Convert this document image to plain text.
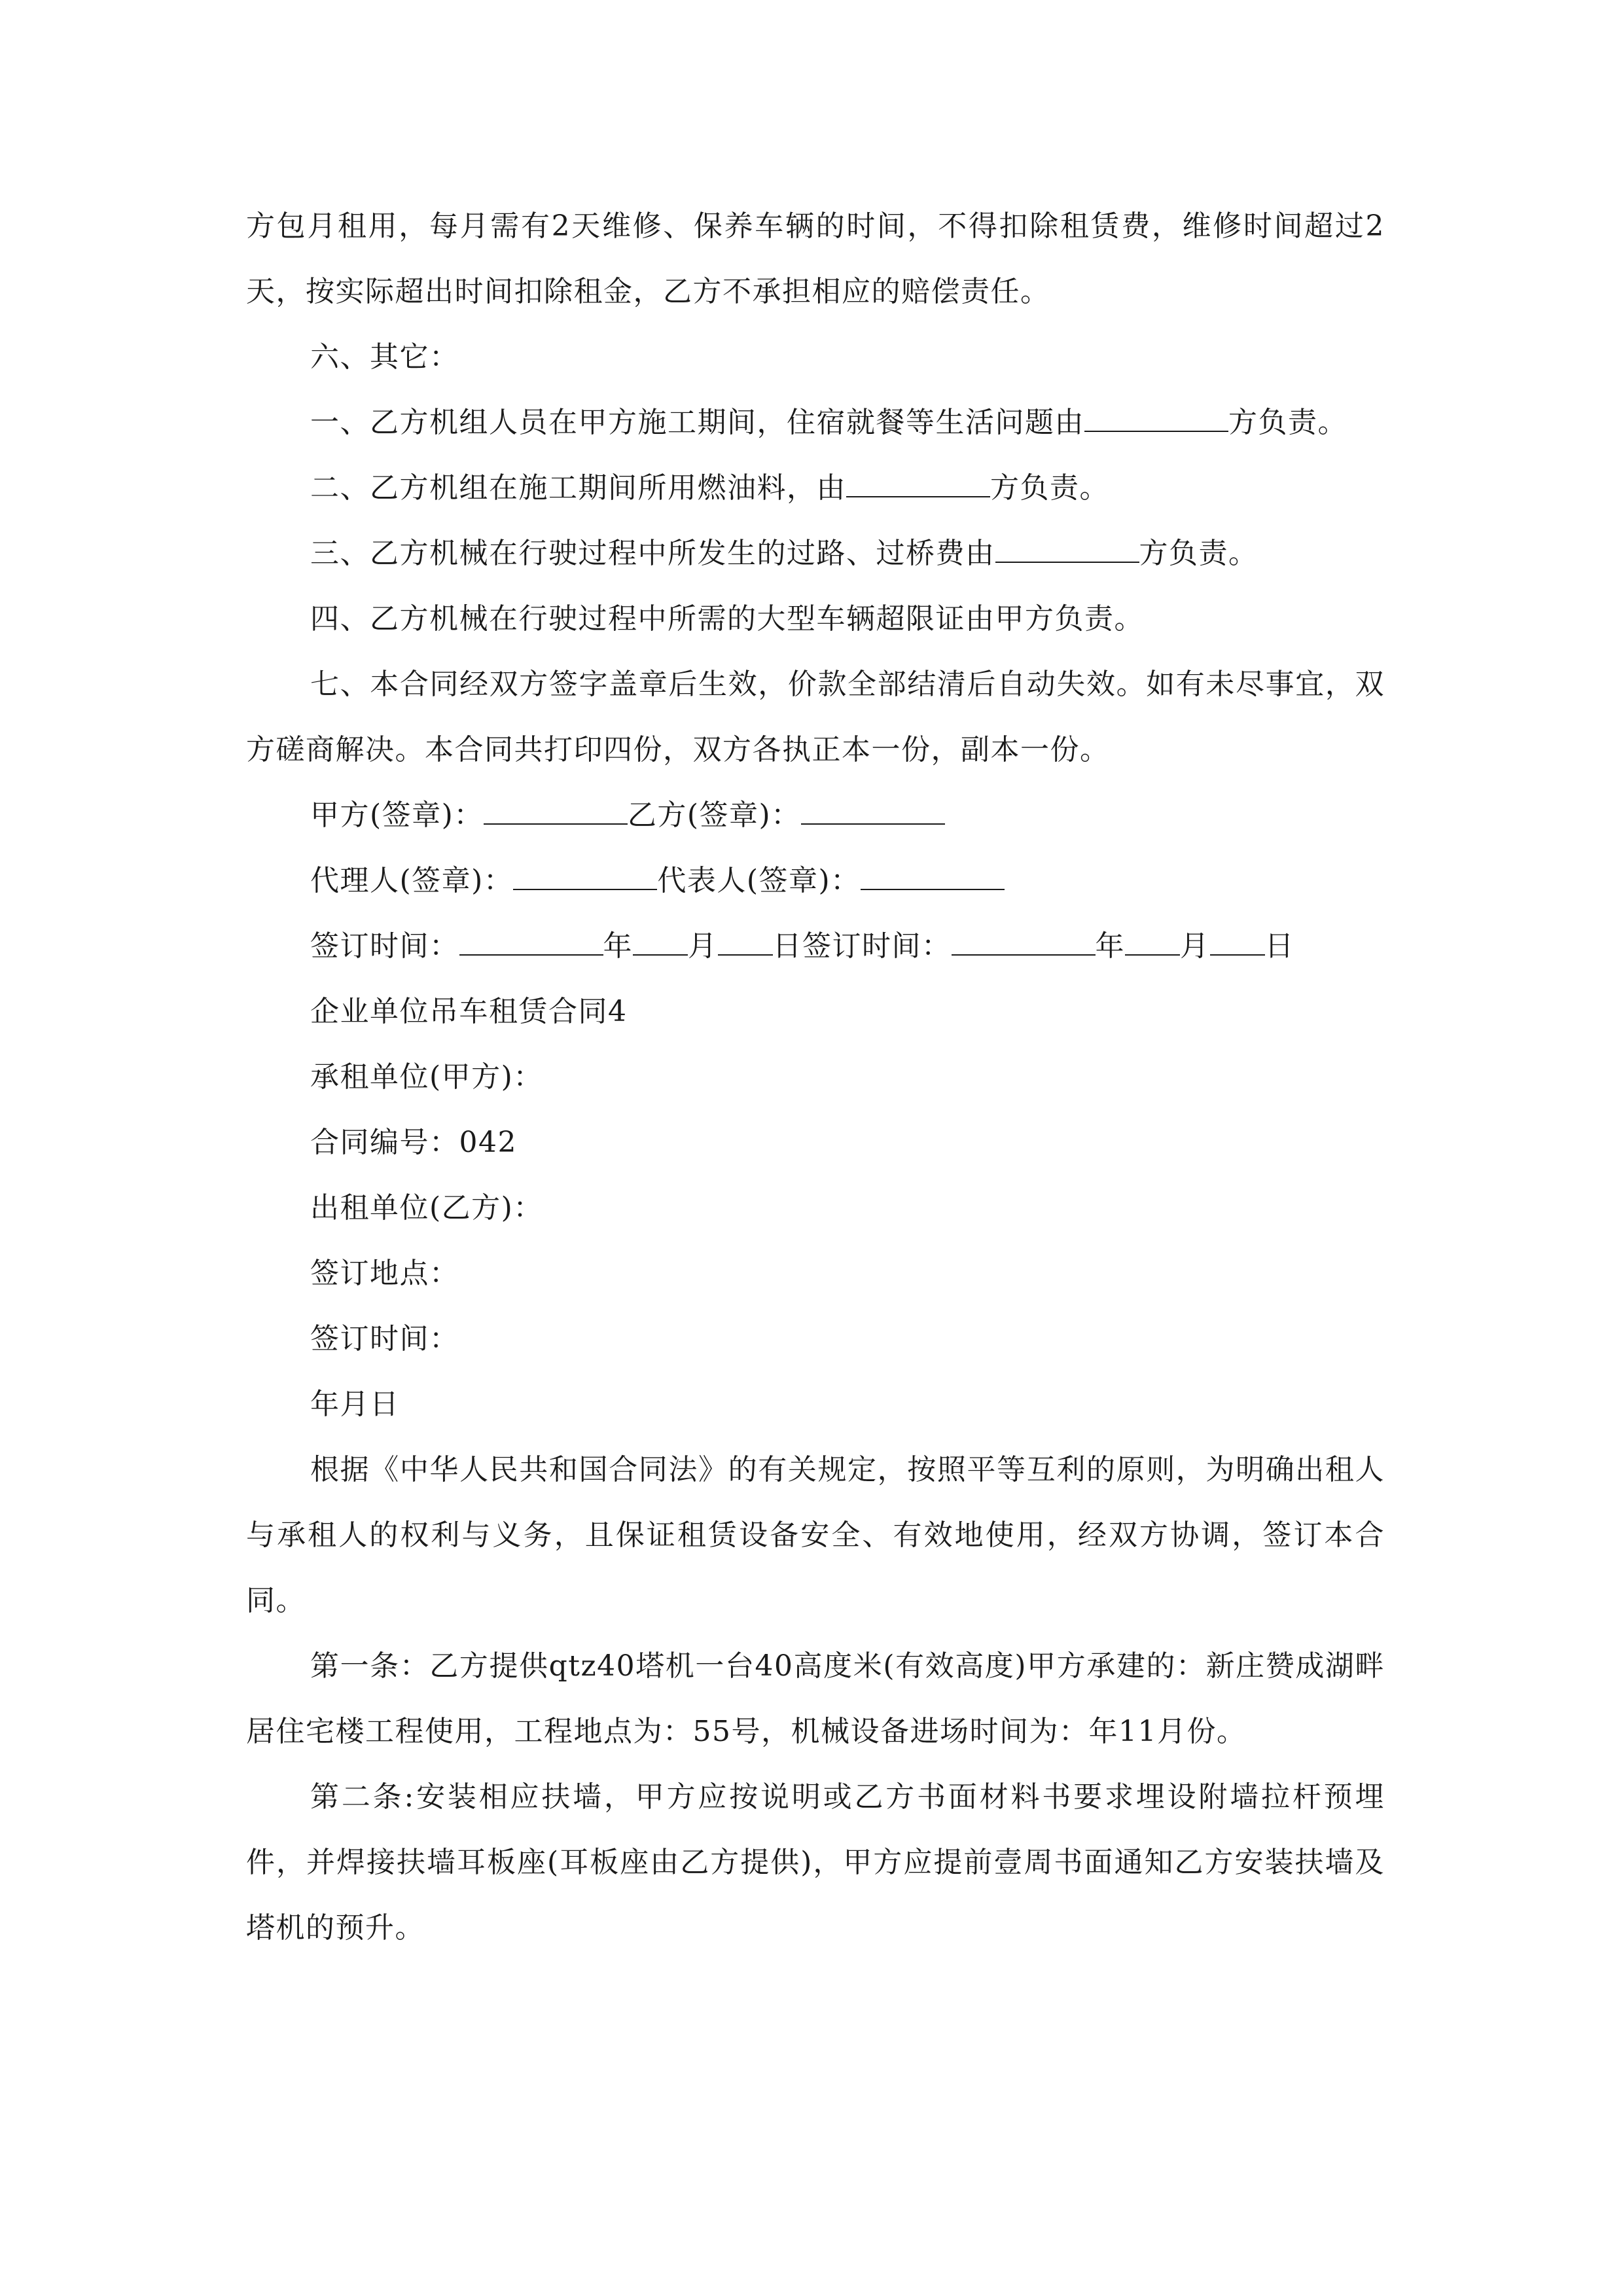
方包月租用，每月需有2天维修、保养车辆的时间，不得扣除租赁费，维修时间超过2天，按实际超出时间扣除租金，乙方不承担相应的赔偿责任。

六、其它：

一、乙方机组人员在甲方施工期间，住宿就餐等生活问题由	方负责。

二、乙方机组在施工期间所用燃油料，由	方负责。

三、乙方机械在行驶过程中所发生的过路、过桥费由	方负责。

四、乙方机械在行驶过程中所需的大型车辆超限证由甲方负责。

七、本合同经双方签字盖章后生效，价款全部结清后自动失效。如有未尽事宜，双方磋商解决。本合同共打印四份，双方各执正本一份，副本一份。

甲方(签章)：	乙方(签章)：

代理人(签章)：	代表人(签章)：

签订时间：	年 月 日签订时间：	年 月 日

企业单位吊车租赁合同4

承租单位(甲方)：

合同编号：042

出租单位(乙方)：

签订地点：

签订时间：

年月日

根据《中华人民共和国合同法》的有关规定，按照平等互利的原则，为明确出租人与承租人的权利与义务，且保证租赁设备安全、有效地使用，经双方协调，签订本合同。

第一条：乙方提供qtz40塔机一台40高度米(有效高度)甲方承建的：新庄赞成湖畔居住宅楼工程使用，工程地点为：55号，机械设备进场时间为：年11月份。

第二条:安装相应扶墙，甲方应按说明或乙方书面材料书要求埋设附墙拉杆预埋件，并焊接扶墙耳板座(耳板座由乙方提供)，甲方应提前壹周书面通知乙方安装扶墙及塔机的预升。
